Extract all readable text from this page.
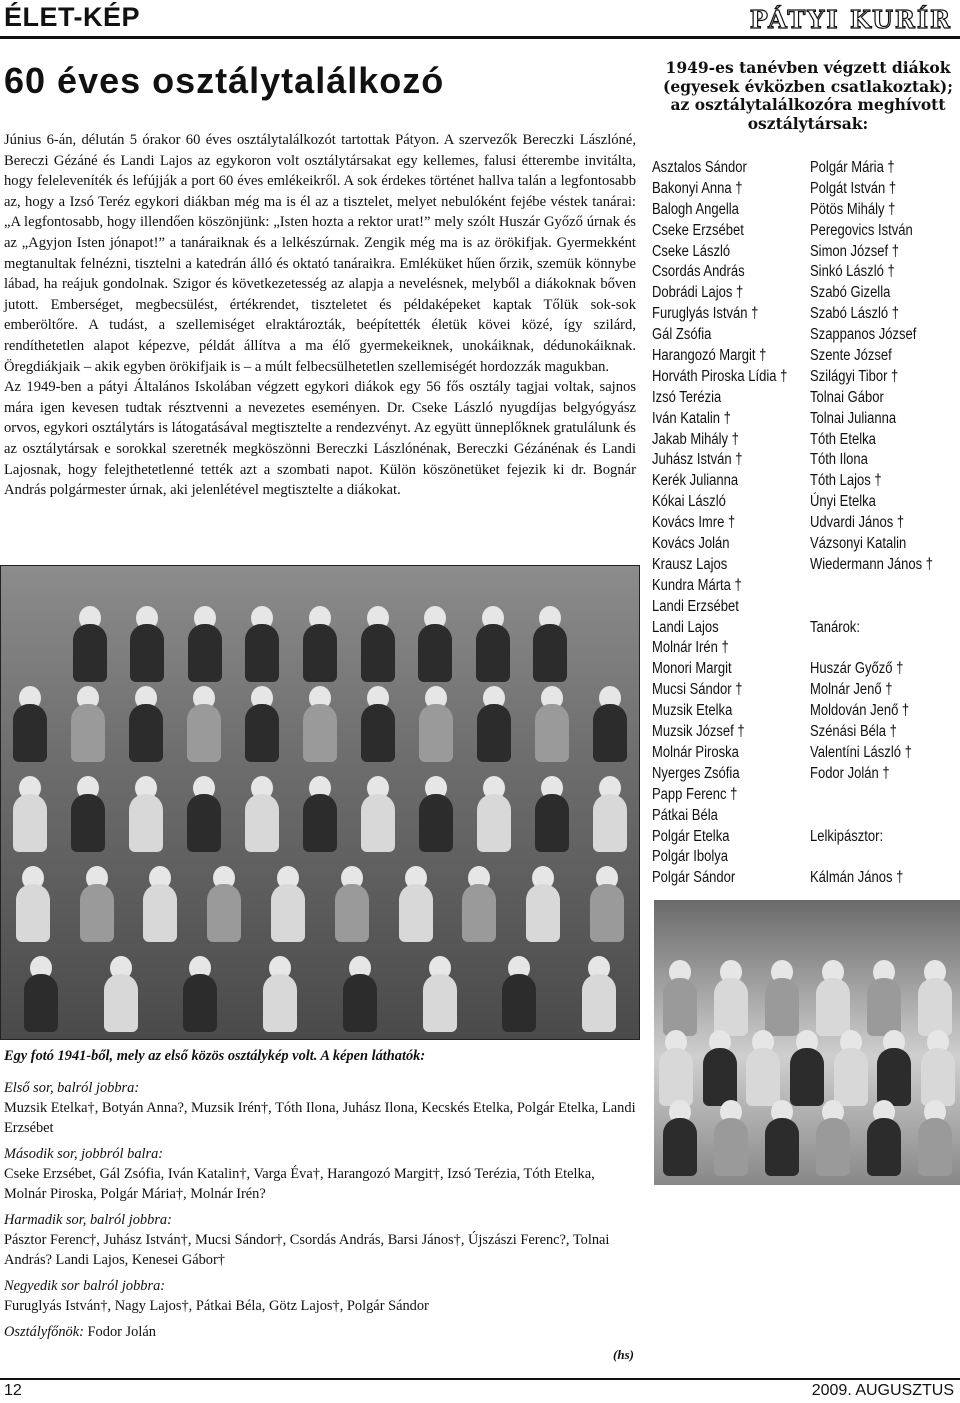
ÉLET-KÉP	PÁTYI KURÍR
60 éves osztálytalálkozó

Június 6-án, délután 5 órakor 60 éves osztálytalálkozót tartottak Pátyon. A szervezők Bereczki Lászlóné, Bereczi Gézáné és Landi Lajos az egykoron volt osztálytársakat egy kellemes, falusi étterembe invitálta, hogy feleleveníték és lefújják a port 60 éves emlékeikről. A sok érdekes történet hallva talán a legfontosabb az, hogy a Izsó Teréz egykori diákban még ma is él az a tisztelet, melyet nebulóként fejébe véstek tanárai: „A legfontosabb, hogy illendően köszönjünk: „Isten hozta a rektor urat!” mely szólt Huszár Győző úrnak és az „Agyjon Isten jónapot!” a tanáraiknak és a lelkészúrnak. Zengik még ma is az örökifjak. Gyermekként megtanultak felnézni, tisztelni a katedrán álló és oktató tanáraikra. Emléküket hűen őrzik, szemük könnybe lábad, ha reájuk gondolnak. Szigor és következetesség az alapja a nevelésnek, melyből a diákoknak bőven jutott. Emberséget, megbecsülést, értékrendet, tiszteletet és példaképeket kaptak Tőlük sok-sok emberöltőre. A tudást, a szellemiséget elraktározták, beépítették életük kövei közé, így szilárd, rendíthetetlen alapot képezve, példát állítva a ma élő gyermekeiknek, unokáiknak, dédunokáiknak. Öregdiákjaik – akik egyben örökifjaik is – a múlt felbecsülhetetlen szellemiségét hordozzák magukban.

Az 1949-ben a pátyi Általános Iskolában végzett egykori diákok egy 56 fős osztály tagjai voltak, sajnos mára igen kevesen tudtak résztvenni a nevezetes eseményen. Dr. Cseke László nyugdíjas belgyógyász orvos, egykori osztálytárs is látogatásával megtisztelte a rendezvényt. Az együtt ünneplőknek gratulálunk és az osztálytársak e sorokkal szeretnék megköszönni Bereczki Lászlónénak, Bereczki Gézánénak és Landi Lajosnak, hogy felejthetetlenné tették azt a szombati napot. Külön köszönetüket fejezik ki dr. Bognár András polgármester úrnak, aki jelenlétével megtisztelte a diákokat.

1949-es tanévben végzett diákok (egyesek évközben csatlakoztak); az osztálytalálkozóra meghívott osztálytársak:
Asztalos Sándor
Bakonyi Anna †
Balogh Angella
Cseke Erzsébet
Cseke László
Csordás András
Dobrádi Lajos †
Furuglyás István †
Gál Zsófia
Harangozó Margit †
Horváth Piroska Lídia †
Izsó Terézia
Iván Katalin †
Jakab Mihály †
Juhász István †
Kerék Julianna
Kókai László
Kovács Imre †
Kovács Jolán
Krausz Lajos
Kundra Márta †
Landi Erzsébet
Landi Lajos
Molnár Irén †
Monori Margit
Mucsi Sándor †
Muzsik Etelka
Muzsik József †
Molnár Piroska
Nyerges Zsófia
Papp Ferenc †
Pátkai Béla
Polgár Etelka
Polgár Ibolya
Polgár Sándor
Polgár Mária †
Polgát István †
Pötös Mihály †
Peregovics István
Simon József †
Sinkó László †
Szabó Gizella
Szabó László †
Szappanos József
Szente József
Szilágyi Tibor †
Tolnai Gábor
Tolnai Julianna
Tóth Etelka
Tóth Ilona
Tóth Lajos †
Únyi Etelka
Udvardi János †
Vázsonyi Katalin
Wiedermann János †
Tanárok:
Huszár Győző †
Molnár Jenő †
Moldován Jenő †
Szénási Béla †
Valentíni László †
Fodor Jolán †
Lelkipásztor:
Kálmán János †
Egy fotó 1941-ből, mely az első közös osztálykép volt. A képen láthatók:
Első sor, balról jobbra:
Muzsik Etelka†, Botyán Anna?, Muzsik Irén†, Tóth Ilona, Juhász Ilona, Kecskés Etelka, Polgár Etelka, Landi Erzsébet
Második sor, jobbról balra:
Cseke Erzsébet, Gál Zsófia, Iván Katalin†, Varga Éva†, Harangozó Margit†, Izsó Terézia, Tóth Etelka, Molnár Piroska, Polgár Mária†, Molnár Irén?
Harmadik sor, balról jobbra:
Pásztor Ferenc†, Juhász István†, Mucsi Sándor†, Csordás András, Barsi János†, Újszászi Ferenc?, Tolnai András? Landi Lajos, Kenesei Gábor†
Negyedik sor balról jobbra:
Furuglyás István†, Nagy Lajos†, Pátkai Béla, Götz Lajos†, Polgár Sándor
Osztályfőnök: Fodor Jolán
(hs)
12	2009. AUGUSZTUS
